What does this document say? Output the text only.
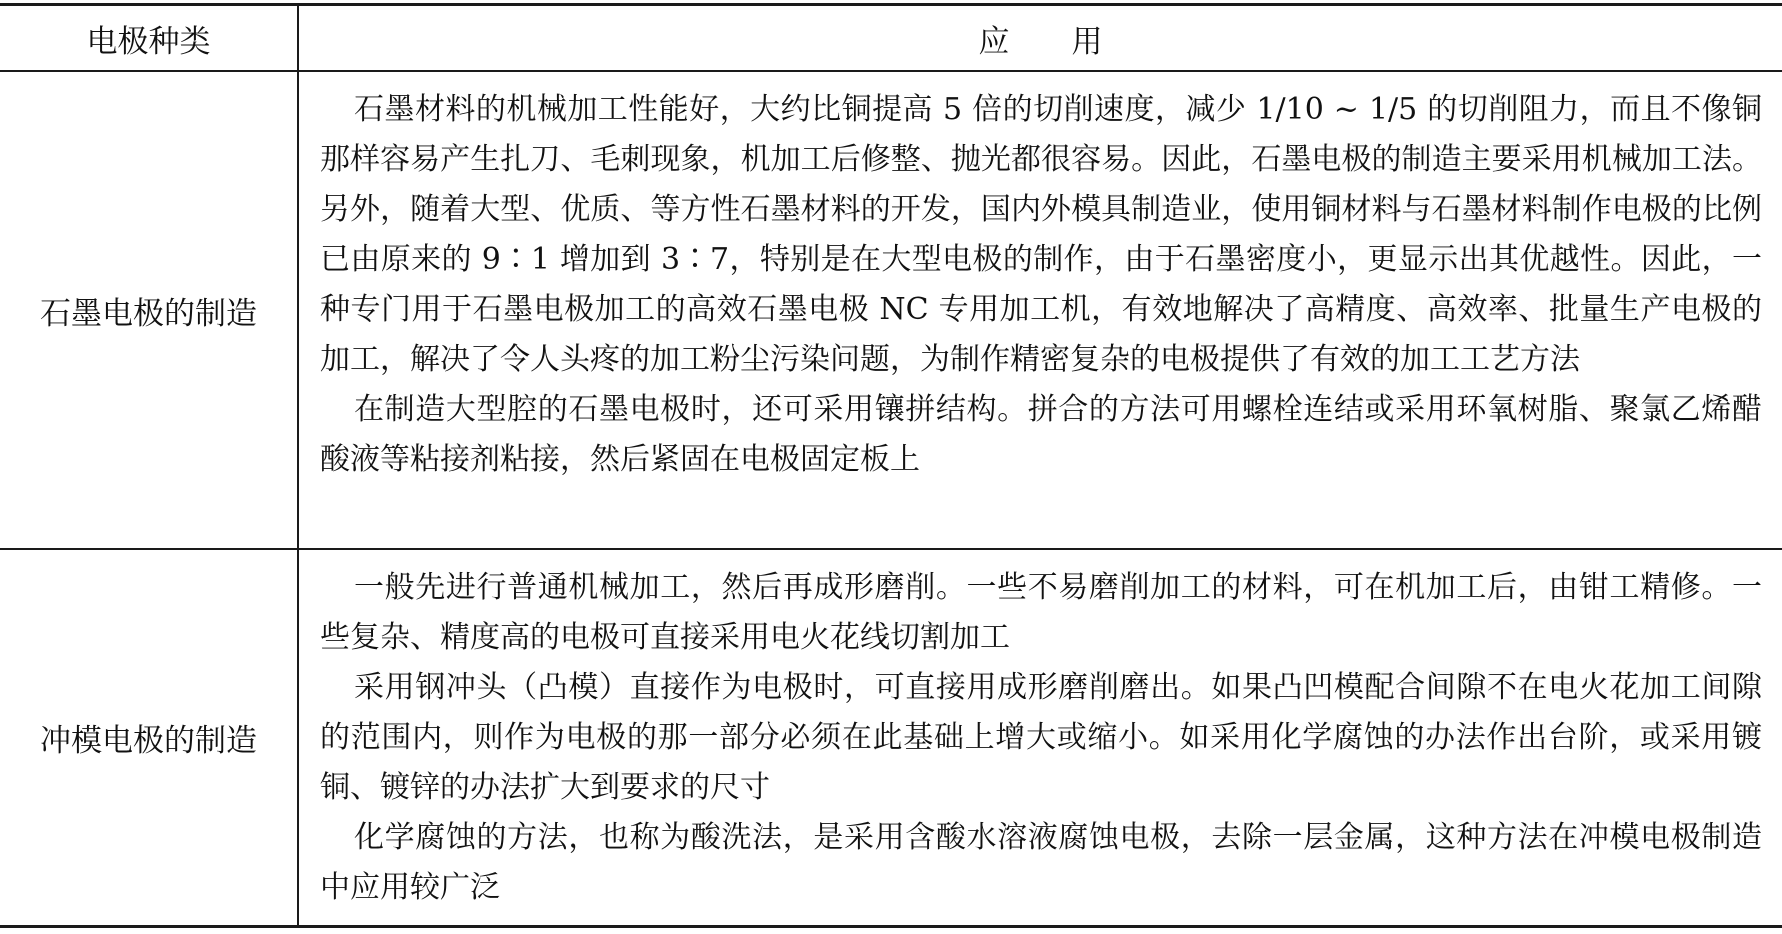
电极种类	应　　用
石墨电极的制造

石墨材料的机械加工性能好，大约比铜提高 5 倍的切削速度，减少 1/10 ~ 1/5 的切削阻力，而且不像铜那样容易产生扎刀、毛刺现象，机加工后修整、抛光都很容易。因此，石墨电极的制造主要采用机械加工法。另外，随着大型、优质、等方性石墨材料的开发，国内外模具制造业，使用铜材料与石墨材料制作电极的比例已由原来的 9∶1 增加到 3∶7，特别是在大型电极的制作，由于石墨密度小，更显示出其优越性。因此，一种专门用于石墨电极加工的高效石墨电极 NC 专用加工机，有效地解决了高精度、高效率、批量生产电极的加工，解决了令人头疼的加工粉尘污染问题，为制作精密复杂的电极提供了有效的加工工艺方法

在制造大型腔的石墨电极时，还可采用镶拼结构。拼合的方法可用螺栓连结或采用环氧树脂、聚氯乙烯醋酸液等粘接剂粘接，然后紧固在电极固定板上

冲模电极的制造

一般先进行普通机械加工，然后再成形磨削。一些不易磨削加工的材料，可在机加工后，由钳工精修。一些复杂、精度高的电极可直接采用电火花线切割加工

采用钢冲头（凸模）直接作为电极时，可直接用成形磨削磨出。如果凸凹模配合间隙不在电火花加工间隙的范围内，则作为电极的那一部分必须在此基础上增大或缩小。如采用化学腐蚀的办法作出台阶，或采用镀铜、镀锌的办法扩大到要求的尺寸

化学腐蚀的方法，也称为酸洗法，是采用含酸水溶液腐蚀电极，去除一层金属，这种方法在冲模电极制造中应用较广泛
